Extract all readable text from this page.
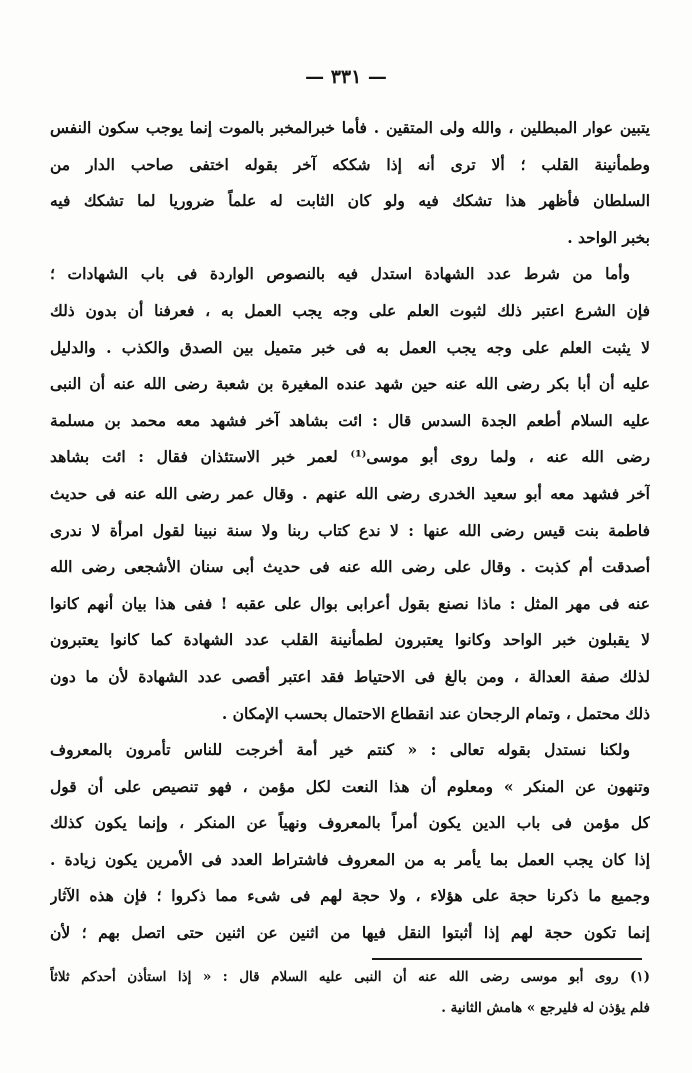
— ٣٣١ —
يتبين عوار المبطلين ، والله ولى المتقين . فأما خبرالمخبر بالموت إنما يوجب سكون النفس
وطمأنينة القلب ؛ ألا ترى أنه إذا شككه آخر بقوله اختفى صاحب الدار من
السلطان فأظهر هذا تشكك فيه ولو كان الثابت له علماً ضروريا لما تشكك فيه
بخبر الواحد .
وأما من شرط عدد الشهادة استدل فيه بالنصوص الواردة فى باب الشهادات ؛
فإن الشرع اعتبر ذلك لثبوت العلم على وجه يجب العمل به ، فعرفنا أن بدون ذلك
لا يثبت العلم على وجه يجب العمل به فى خبر متميل بين الصدق والكذب . والدليل
عليه أن أبا بكر رضى الله عنه حين شهد عنده المغيرة بن شعبة رضى الله عنه أن النبى
عليه السلام أطعم الجدة السدس قال : ائت بشاهد آخر فشهد معه محمد بن مسلمة
رضى الله عنه ، ولما روى أبو موسى⁽¹⁾ لعمر خبر الاستئذان فقال : ائت بشاهد
آخر فشهد معه أبو سعيد الخدرى رضى الله عنهم . وقال عمر رضى الله عنه فى حديث
فاطمة بنت قيس رضى الله عنها : لا ندع كتاب ربنا ولا سنة نبينا لقول امرأة لا ندرى
أصدقت أم كذبت . وقال على رضى الله عنه فى حديث أبى سنان الأشجعى رضى الله
عنه فى مهر المثل : ماذا نصنع بقول أعرابى بوال على عقبه ! ففى هذا بيان أنهم كانوا
لا يقبلون خبر الواحد وكانوا يعتبرون لطمأنينة القلب عدد الشهادة كما كانوا يعتبرون
لذلك صفة العدالة ، ومن بالغ فى الاحتياط فقد اعتبر أقصى عدد الشهادة لأن ما دون
ذلك محتمل ، وتمام الرجحان عند انقطاع الاحتمال بحسب الإمكان .
ولكنا نستدل بقوله تعالى : « كنتم خير أمة أخرجت للناس تأمرون بالمعروف
وتنهون عن المنكر » ومعلوم أن هذا النعت لكل مؤمن ، فهو تنصيص على أن قول
كل مؤمن فى باب الدين يكون أمراً بالمعروف ونهياً عن المنكر ، وإنما يكون كذلك
إذا كان يجب العمل بما يأمر به من المعروف فاشتراط العدد فى الأمرين يكون زيادة .
وجميع ما ذكرنا حجة على هؤلاء ، ولا حجة لهم فى شىء مما ذكروا ؛ فإن هذه الآثار
إنما تكون حجة لهم إذا أثبتوا النقل فيها من اثنين عن اثنين حتى اتصل بهم ؛ لأن
(١) روى أبو موسى رضى الله عنه أن النبى عليه السلام قال : « إذا استأذن أحدكم ثلاثاً
فلم يؤذن له فليرجع » هامش الثانية .
